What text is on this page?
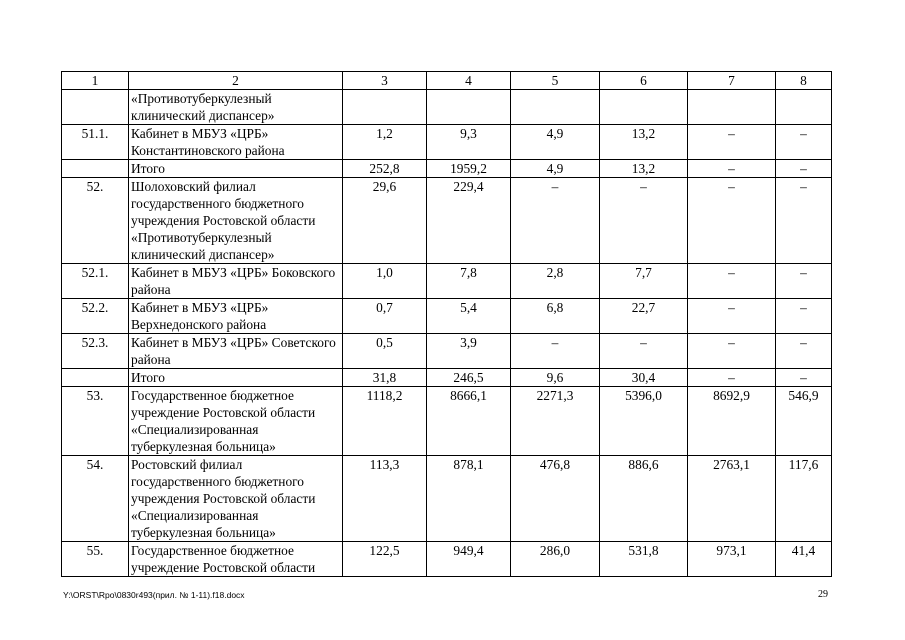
1	2	3	4	5	6	7	8
	«Противотуберкулезный клинический диспансер»						
51.1.	Кабинет в МБУЗ «ЦРБ» Константиновского района	1,2	9,3	4,9	13,2	–	–
	Итого	252,8	1959,2	4,9	13,2	–	–
52.	Шолоховский филиал государственного бюджетного учреждения Ростовской области «Противотуберкулезный клинический диспансер»	29,6	229,4	–	–	–	–
52.1.	Кабинет в МБУЗ «ЦРБ» Боковского района	1,0	7,8	2,8	7,7	–	–
52.2.	Кабинет в МБУЗ «ЦРБ» Верхнедонского района	0,7	5,4	6,8	22,7	–	–
52.3.	Кабинет в МБУЗ «ЦРБ» Советского района	0,5	3,9	–	–	–	–
	Итого	31,8	246,5	9,6	30,4	–	–
53.	Государственное бюджетное учреждение Ростовской области «Специализированная туберкулезная больница»	1118,2	8666,1	2271,3	5396,0	8692,9	546,9
54.	Ростовский филиал государственного бюджетного учреждения Ростовской области «Специализированная туберкулезная больница»	113,3	878,1	476,8	886,6	2763,1	117,6
55.	Государственное бюджетное учреждение Ростовской области	122,5	949,4	286,0	531,8	973,1	41,4
Y:\ORST\Rpo\0830r493(прил. № 1-11).f18.docx	29
